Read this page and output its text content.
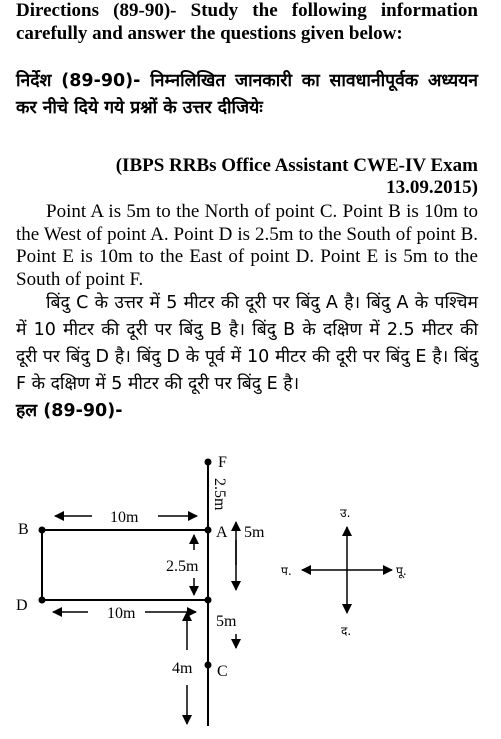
Directions (89-90)- Study the following information carefully and answer the questions given below:
निर्देश (89-90)- निम्नलिखित जानकारी का सावधानीपूर्वक अध्ययन कर नीचे दिये गये प्रश्नों के उत्तर दीजियेः
(IBPS RRBs Office Assistant CWE-IV Exam
13.09.2015)
Point A is 5m to the North of point C. Point B is 10m to the West of point A. Point D is 2.5m to the South of point B. Point E is 10m to the East of point D. Point E is 5m to the South of point F.
बिंदु C के उत्तर में 5 मीटर की दूरी पर बिंदु A है। बिंदु A के पश्चिम में 10 मीटर की दूरी पर बिंदु B है। बिंदु B के दक्षिण में 2.5 मीटर की दूरी पर बिंदु D है। बिंदु D के पूर्व में 10 मीटर की दूरी पर बिंदु E है। बिंदु F के दक्षिण में 5 मीटर की दूरी पर बिंदु E है।
हल (89-90)-
F
A
B
D
C
2.5m
10m
5m
2.5m
10m	5m
4m
उ.
द.
पू.
प.
